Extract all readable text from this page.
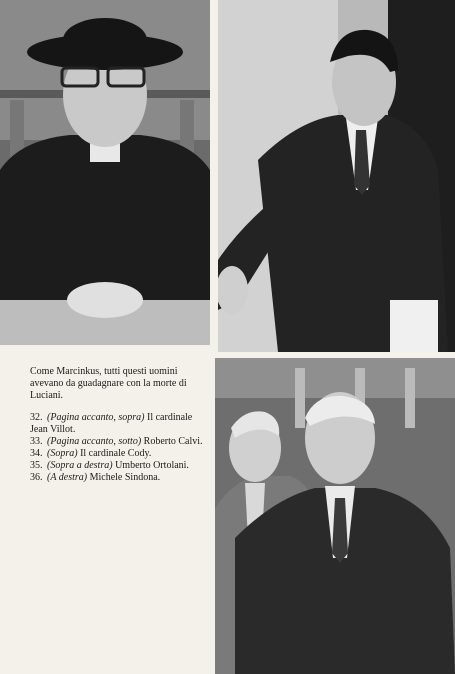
Come Marcinkus, tutti questi uomini avevano da guadagnare con la morte di Luciani.

32. (Pagina accanto, sopra) Il cardinale Jean Villot.
33. (Pagina accanto, sotto) Roberto Calvi.
34. (Sopra) Il cardinale Cody.
35. (Sopra a destra) Umberto Ortolani.
36. (A destra) Michele Sindona.
